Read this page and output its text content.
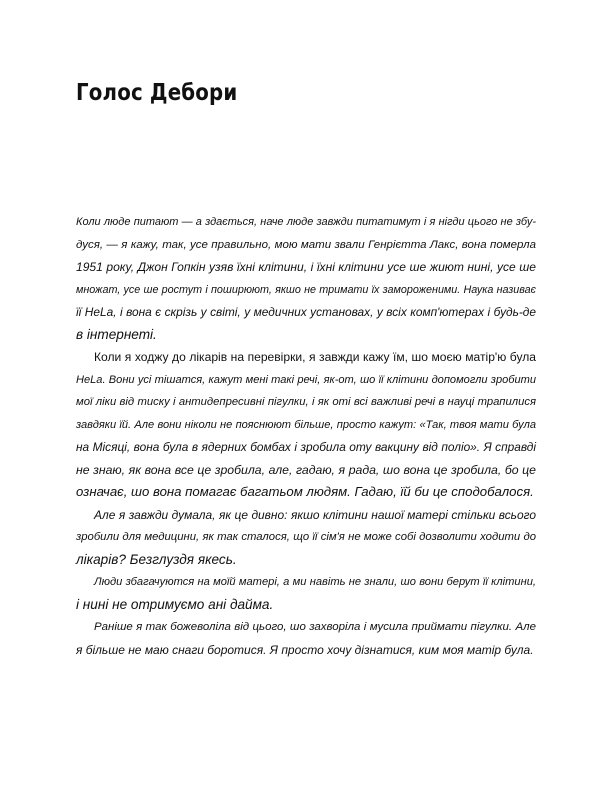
Голос Дебори
Коли люде питают — а здається, наче люде завжди питатимут і я нігди цього не збу-
дуся, — я кажу, так, усе правильно, мою мати звали Генрієтта Лакс, вона померла
1951 року, Джон Гопкін узяв їхні клітини, і їхні клітини усе ше жиют нині, усе ше
множат, усе ше ростут і поширюют, якшо не тримати їх замороженими. Наука називає
її HeLa, і вона є скрізь у світі, у медичних установах, у всіх комп'ютерах і будь-де
в інтернеті.
Коли я ходжу до лікарів на перевірки, я завжди кажу їм, шо моєю матір'ю була
HeLa. Вони усі тішатся, кажут мені такі речі, як-от, шо її клітини допомогли зробити
мої ліки від тиску і антидепресивні пігулки, і як оті всі важливі речі в науці трапилися
завдяки їй. Але вони ніколи не пояснюют більше, просто кажут: «Так, твоя мати була
на Місяці, вона була в ядерних бомбах і зробила оту вакцину від поліо». Я справді
не знаю, як вона все це зробила, але, гадаю, я рада, шо вона це зробила, бо це
означає, шо вона помагає багатьом людям. Гадаю, їй би це сподобалося.
Але я завжди думала, як це дивно: якшо клітини нашої матері стільки всього
зробили для медицини, як так сталося, що її сім'я не може собі дозволити ходити до
лікарів? Безглуздя якесь.
Люди збагачуются на моїй матері, а ми навіть не знали, шо вони берут її клітини,
і нині не отримуємо ані дайма.
Раніше я так божеволіла від цього, шо захворіла і мусила приймати пігулки. Але
я більше не маю снаги боротися. Я просто хочу дізнатися, ким моя матір була.
